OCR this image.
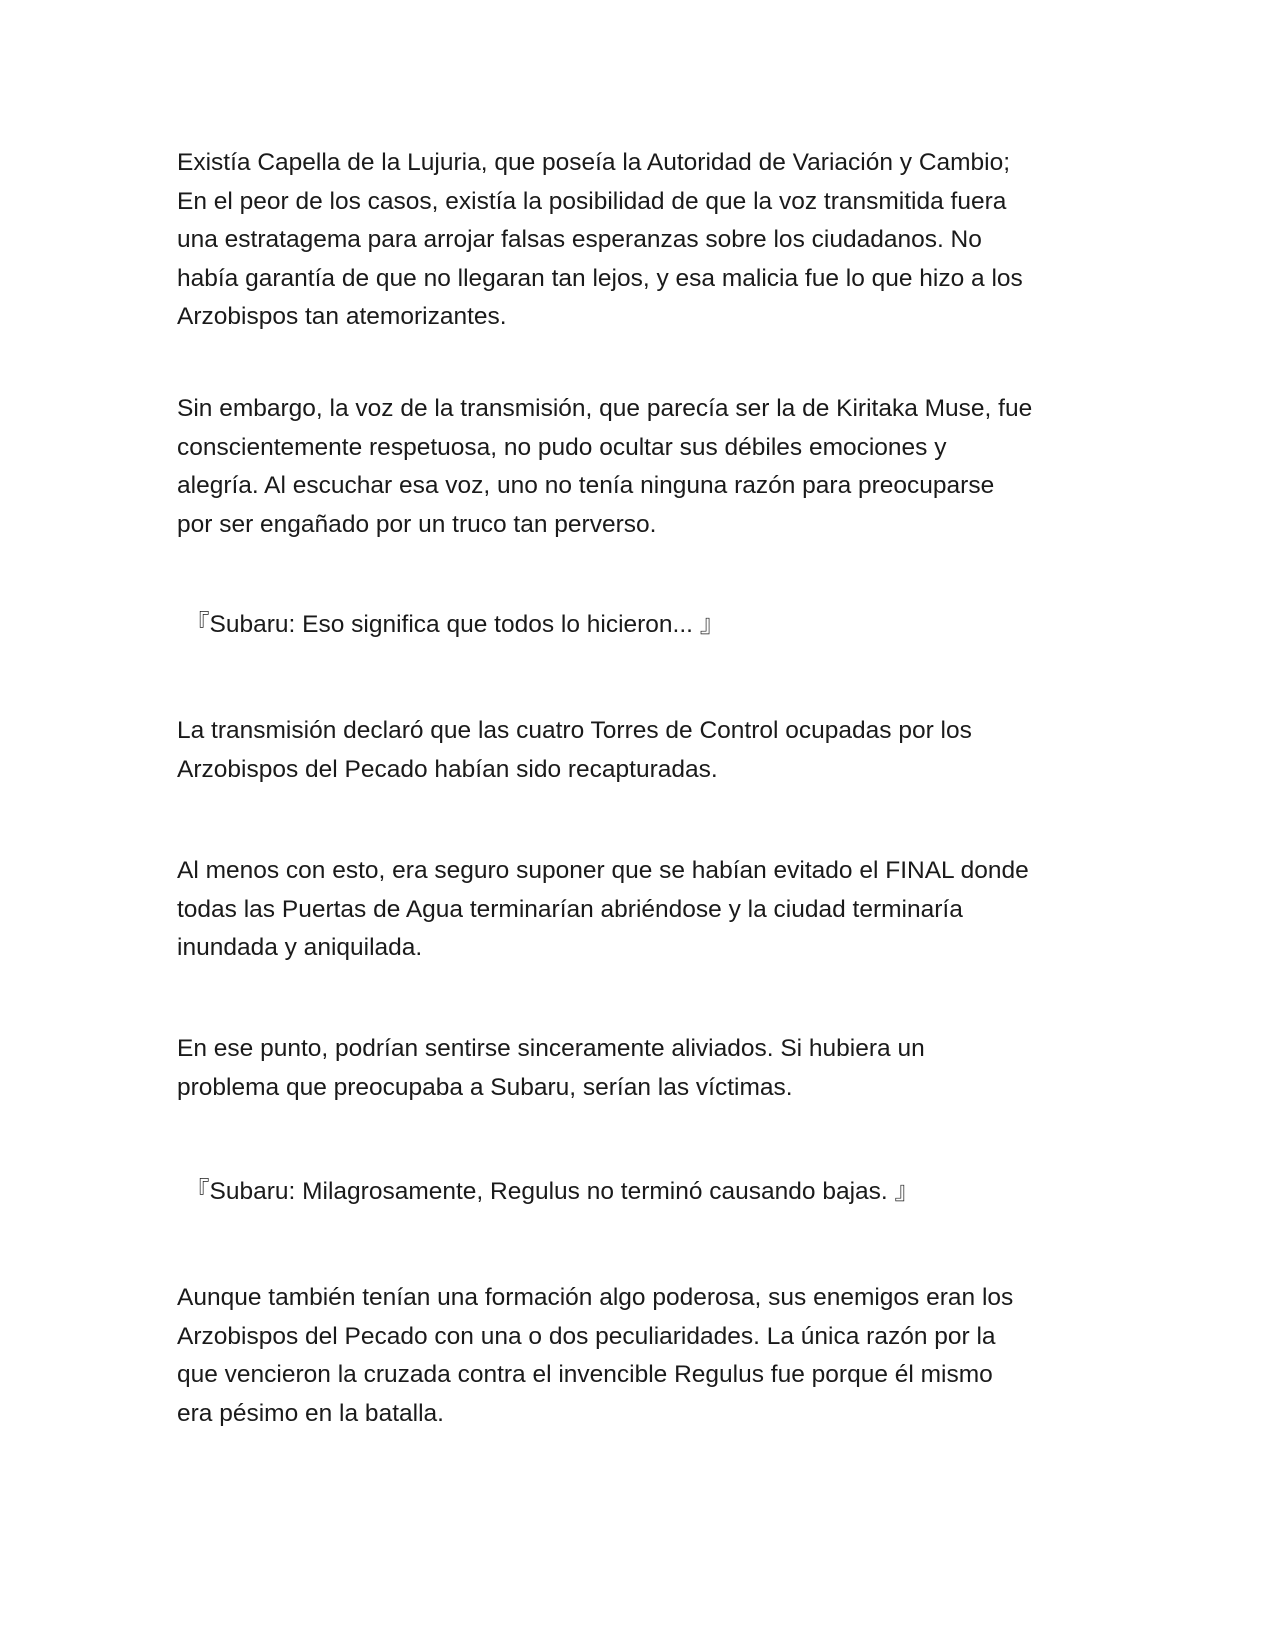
Existía Capella de la Lujuria, que poseía la Autoridad de Variación y Cambio;
En el peor de los casos, existía la posibilidad de que la voz transmitida fuera
una estratagema para arrojar falsas esperanzas sobre los ciudadanos. No
había garantía de que no llegaran tan lejos, y esa malicia fue lo que hizo a los
Arzobispos tan atemorizantes.

Sin embargo, la voz de la transmisión, que parecía ser la de Kiritaka Muse, fue
conscientemente respetuosa, no pudo ocultar sus débiles emociones y
alegría. Al escuchar esa voz, uno no tenía ninguna razón para preocuparse
por ser engañado por un truco tan perverso.

『Subaru: Eso significa que todos lo hicieron... 』

La transmisión declaró que las cuatro Torres de Control ocupadas por los
Arzobispos del Pecado habían sido recapturadas.

Al menos con esto, era seguro suponer que se habían evitado el FINAL donde
todas las Puertas de Agua terminarían abriéndose y la ciudad terminaría
inundada y aniquilada.

En ese punto, podrían sentirse sinceramente aliviados. Si hubiera un
problema que preocupaba a Subaru, serían las víctimas.

『Subaru: Milagrosamente, Regulus no terminó causando bajas. 』

Aunque también tenían una formación algo poderosa, sus enemigos eran los
Arzobispos del Pecado con una o dos peculiaridades. La única razón por la
que vencieron la cruzada contra el invencible Regulus fue porque él mismo
era pésimo en la batalla.
